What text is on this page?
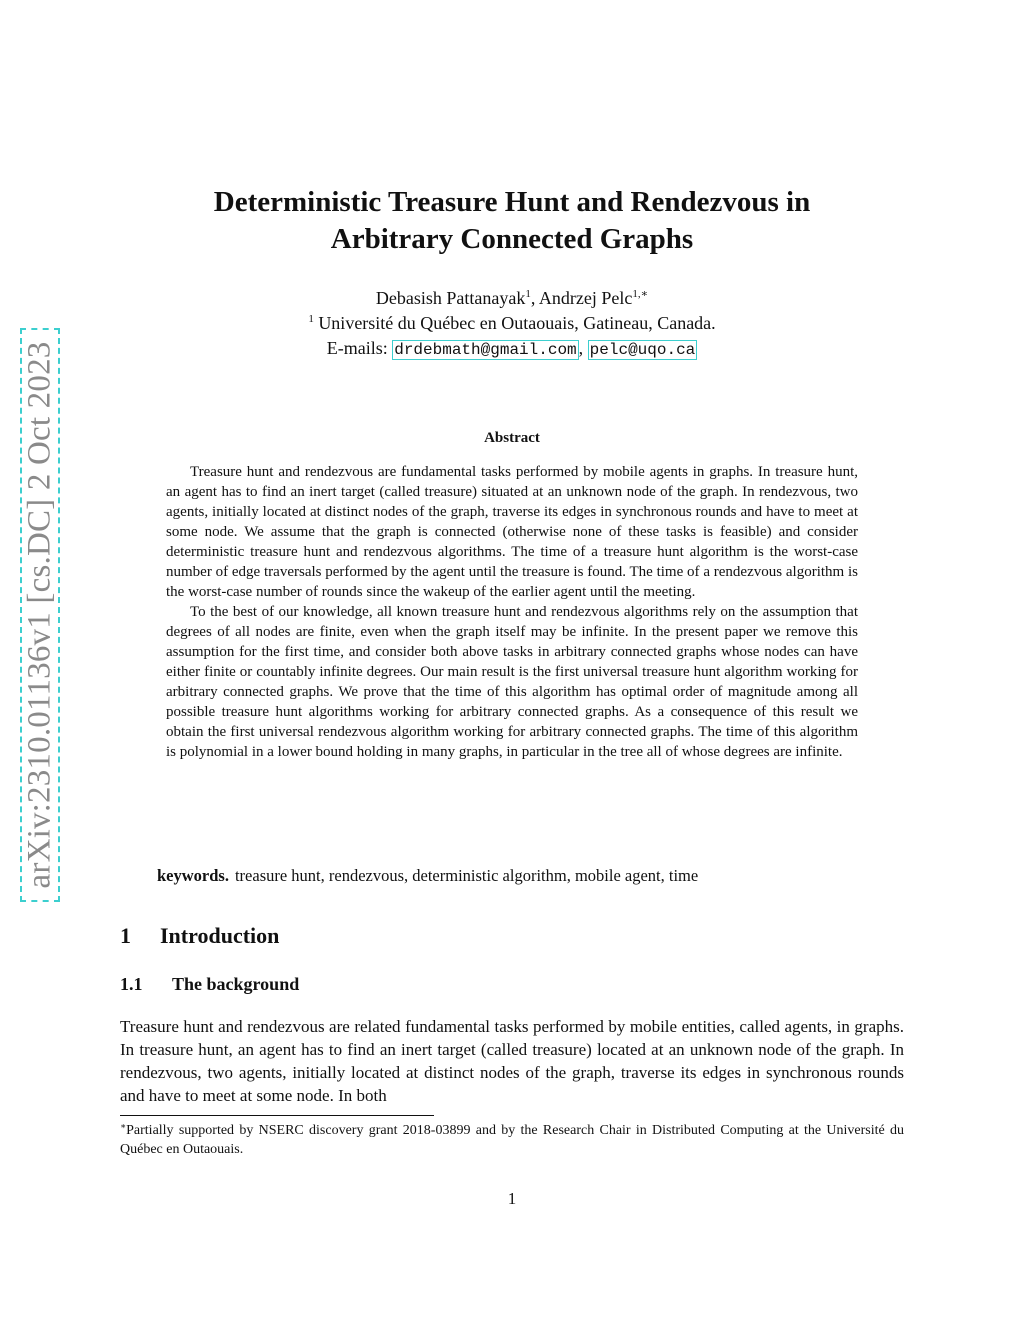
arXiv:2310.01136v1 [cs.DC] 2 Oct 2023
Deterministic Treasure Hunt and Rendezvous in
Arbitrary Connected Graphs
Debasish Pattanayak$^1$, Andrzej Pelc$^{1,∗}$
$^1$ Université du Québec en Outaouais, Gatineau, Canada.
E-mails: drdebmath@gmail.com , pelc@uqo.ca
Abstract

Treasure hunt and rendezvous are fundamental tasks performed by mobile agents in graphs. In treasure hunt, an agent has to find an inert target (called treasure) situated at an unknown node of the graph. In rendezvous, two agents, initially located at distinct nodes of the graph, traverse its edges in synchronous rounds and have to meet at some node. We assume that the graph is connected (otherwise none of these tasks is feasible) and consider deterministic treasure hunt and rendezvous algorithms. The time of a treasure hunt algorithm is the worst-case number of edge traversals performed by the agent until the treasure is found. The time of a rendezvous algorithm is the worst-case number of rounds since the wakeup of the earlier agent until the meeting.

To the best of our knowledge, all known treasure hunt and rendezvous algorithms rely on the assumption that degrees of all nodes are finite, even when the graph itself may be infinite. In the present paper we remove this assumption for the first time, and consider both above tasks in arbitrary connected graphs whose nodes can have either finite or countably infinite degrees. Our main result is the first universal treasure hunt algorithm working for arbitrary connected graphs. We prove that the time of this algorithm has optimal order of magnitude among all possible treasure hunt algorithms working for arbitrary connected graphs. As a consequence of this result we obtain the first universal rendezvous algorithm working for arbitrary connected graphs. The time of this algorithm is polynomial in a lower bound holding in many graphs, in particular in the tree all of whose degrees are infinite.

keywords. treasure hunt, rendezvous, deterministic algorithm, mobile agent, time
1 Introduction
1.1 The background

Treasure hunt and rendezvous are related fundamental tasks performed by mobile entities, called agents, in graphs. In treasure hunt, an agent has to find an inert target (called treasure) located at an unknown node of the graph. In rendezvous, two agents, initially located at distinct nodes of the graph, traverse its edges in synchronous rounds and have to meet at some node. In both

∗Partially supported by NSERC discovery grant 2018-03899 and by the Research Chair in Distributed Computing at the Université du Québec en Outaouais.

1
